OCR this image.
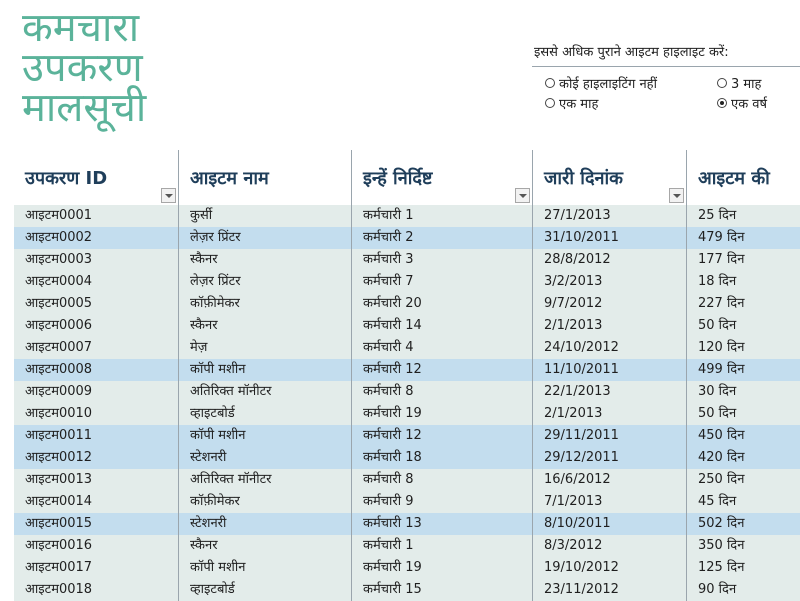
कमचारा
उपकरण
मालसूची
इससे अधिक पुराने आइटम हाइलाइट करें:
कोई हाइलाइटिंग नहीं	3 माह
एक माह	एक वर्ष
उपकरण ID	आइटम नाम	इन्हें निर्दिष्ट	जारी दिनांक	आइटम की
आइटम0001	कुर्सी	कर्मचारी 1	27/1/2013	25 दिन
आइटम0002	लेज़र प्रिंटर	कर्मचारी 2	31/10/2011	479 दिन
आइटम0003	स्कैनर	कर्मचारी 3	28/8/2012	177 दिन
आइटम0004	लेज़र प्रिंटर	कर्मचारी 7	3/2/2013	18 दिन
आइटम0005	कॉफ़ीमेकर	कर्मचारी 20	9/7/2012	227 दिन
आइटम0006	स्कैनर	कर्मचारी 14	2/1/2013	50 दिन
आइटम0007	मेज़	कर्मचारी 4	24/10/2012	120 दिन
आइटम0008	कॉपी मशीन	कर्मचारी 12	11/10/2011	499 दिन
आइटम0009	अतिरिक्त मॉनीटर	कर्मचारी 8	22/1/2013	30 दिन
आइटम0010	व्हाइटबोर्ड	कर्मचारी 19	2/1/2013	50 दिन
आइटम0011	कॉपी मशीन	कर्मचारी 12	29/11/2011	450 दिन
आइटम0012	स्टेशनरी	कर्मचारी 18	29/12/2011	420 दिन
आइटम0013	अतिरिक्त मॉनीटर	कर्मचारी 8	16/6/2012	250 दिन
आइटम0014	कॉफ़ीमेकर	कर्मचारी 9	7/1/2013	45 दिन
आइटम0015	स्टेशनरी	कर्मचारी 13	8/10/2011	502 दिन
आइटम0016	स्कैनर	कर्मचारी 1	8/3/2012	350 दिन
आइटम0017	कॉपी मशीन	कर्मचारी 19	19/10/2012	125 दिन
आइटम0018	व्हाइटबोर्ड	कर्मचारी 15	23/11/2012	90 दिन
